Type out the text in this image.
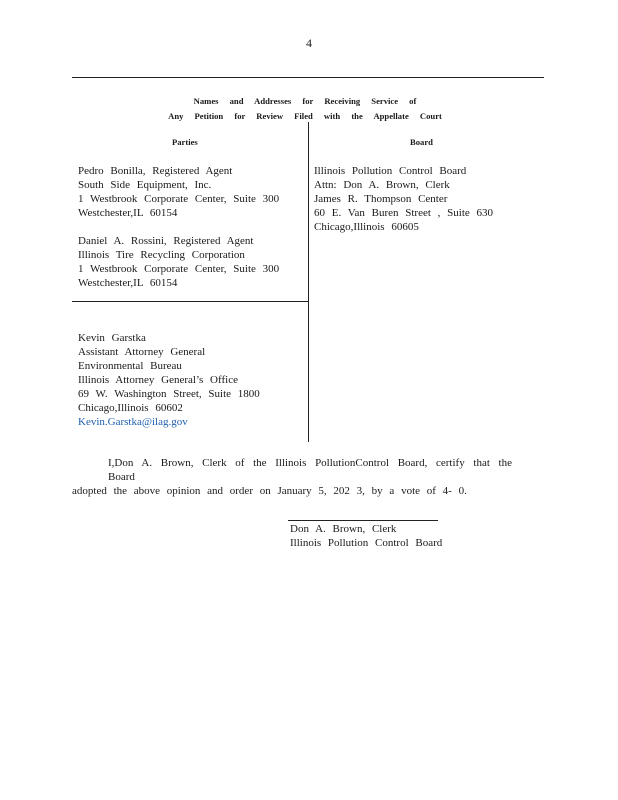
4
Names and Addresses for Receiving Service of
Any Petition for Review Filed with the Appellate Court
Parties	Board
Pedro Bonilla, Registered Agent
South Side Equipment, Inc.
1 Westbrook Corporate Center, Suite 300
Westchester,IL 60154
Daniel A. Rossini, Registered Agent
Illinois Tire Recycling Corporation
1 Westbrook Corporate Center, Suite 300
Westchester,IL 60154
Kevin Garstka
Assistant Attorney General
Environmental Bureau
Illinois Attorney General’s Office
69 W. Washington Street, Suite 1800
Chicago,Illinois 60602
Kevin.Garstka@ilag.gov
Illinois Pollution Control Board
Attn: Don A. Brown, Clerk
James R. Thompson Center
60 E. Van Buren Street , Suite 630
Chicago,Illinois 60605
I,Don A. Brown, Clerk of the Illinois PollutionControl Board, certify that the Board
adopted the above opinion and order on January 5, 202 3, by a vote of 4- 0.
Don A. Brown, Clerk
Illinois Pollution Control Board
